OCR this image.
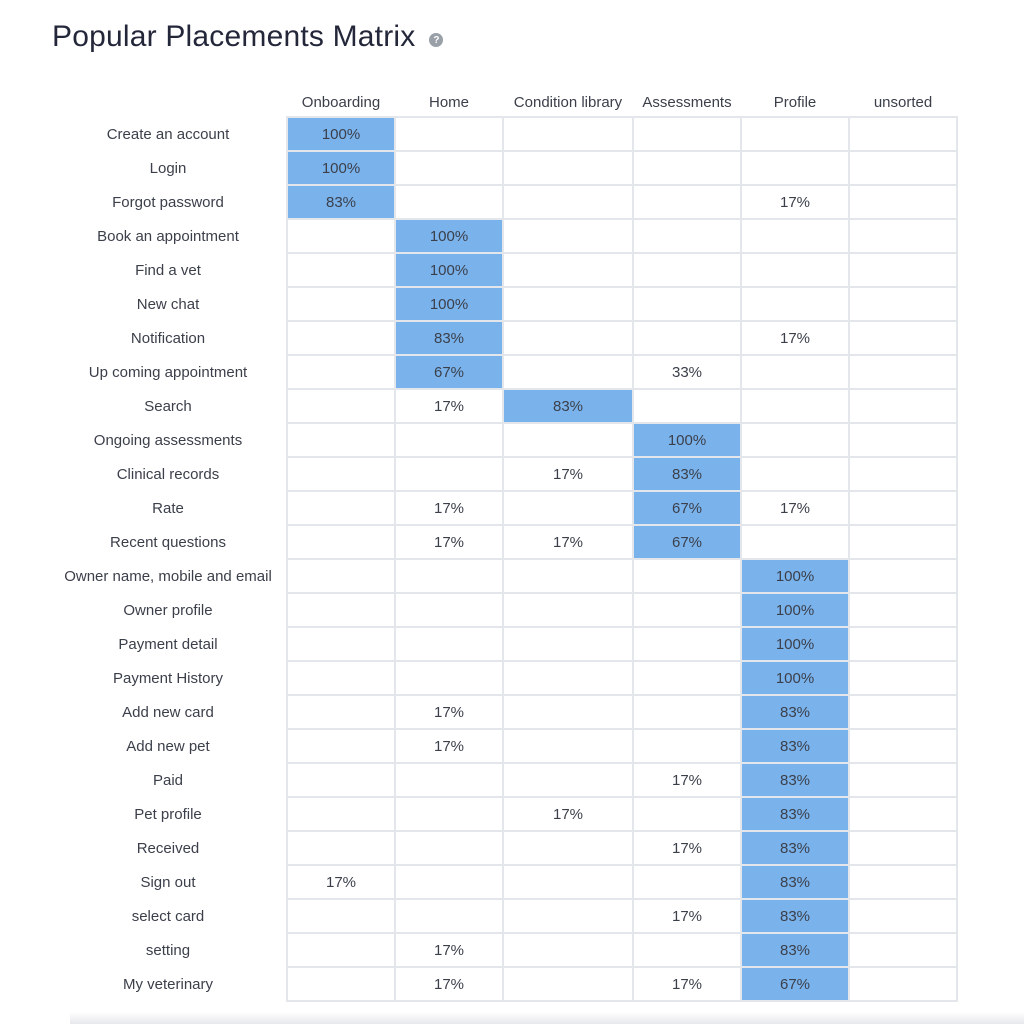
Popular Placements Matrix	?
	Onboarding	Home	Condition library	Assessments	Profile	unsorted
Create an account	100%					
Login	100%					
Forgot password	83%				17%	
Book an appointment		100%				
Find a vet		100%				
New chat		100%				
Notification		83%			17%	
Up coming appointment		67%		33%		
Search		17%	83%			
Ongoing assessments				100%		
Clinical records			17%	83%		
Rate		17%		67%	17%	
Recent questions		17%	17%	67%		
Owner name, mobile and email					100%	
Owner profile					100%	
Payment detail					100%	
Payment History					100%	
Add new card		17%			83%	
Add new pet		17%			83%	
Paid				17%	83%	
Pet profile			17%		83%	
Received				17%	83%	
Sign out	17%				83%	
select card				17%	83%	
setting		17%			83%	
My veterinary		17%		17%	67%	
